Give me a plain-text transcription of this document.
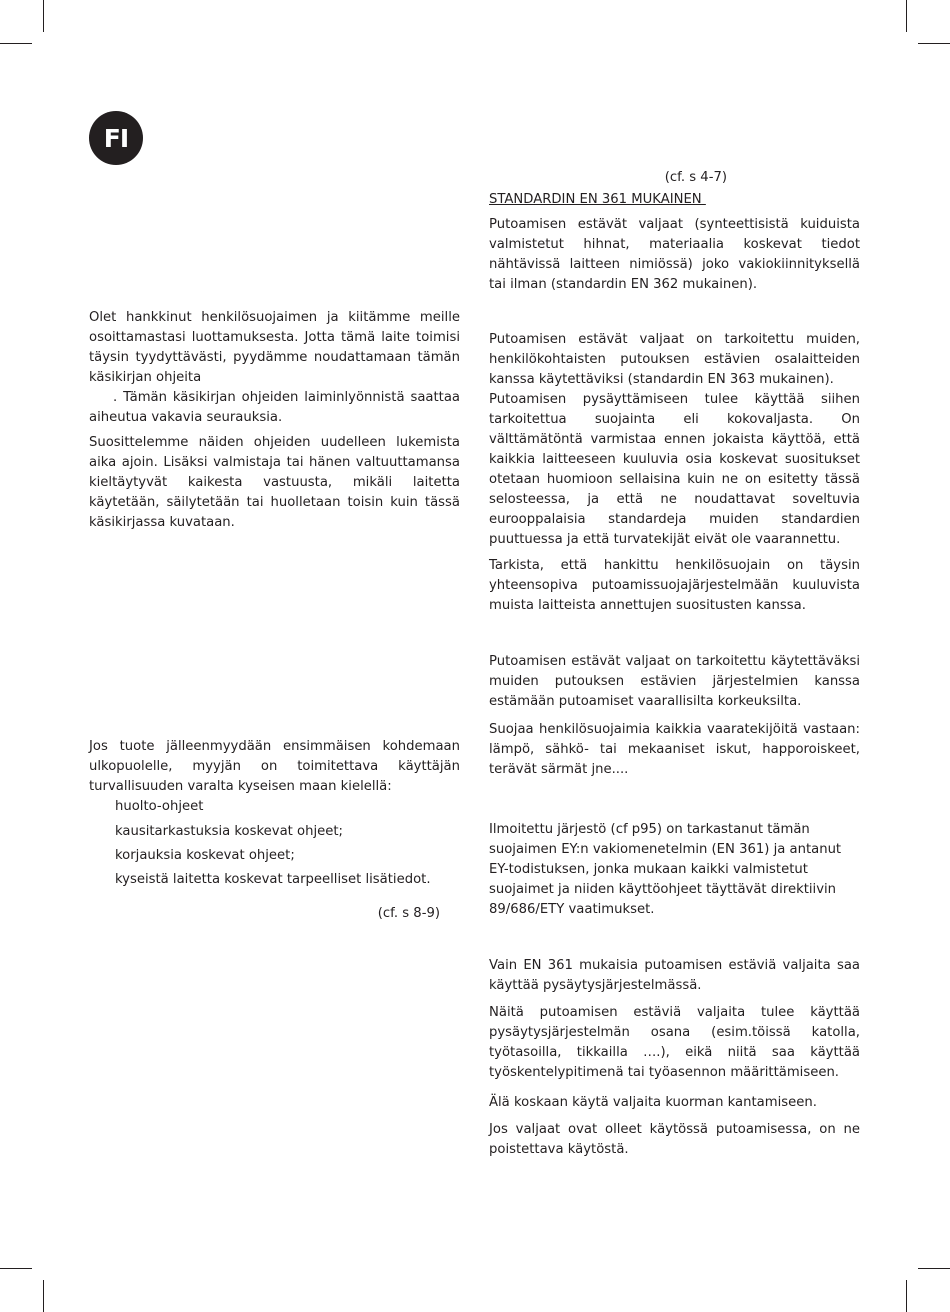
FI

Olet hankkinut henkilösuojaimen ja kiitämme meille osoittamastasi luottamuksesta. Jotta tämä laite toimisi täysin tyydyttävästi, pyydämme noudattamaan tämän käsikirjan ohjeita

. Tämän käsikirjan ohjeiden laiminlyönnistä saattaa aiheutua vakavia seurauksia.

Suosittelemme näiden ohjeiden uudelleen lukemista aika ajoin. Lisäksi valmistaja tai hänen valtuuttamansa kieltäytyvät kaikesta vastuusta, mikäli laitetta käytetään, säilytetään tai huolletaan toisin kuin tässä käsikirjassa kuvataan.

Jos tuote jälleenmyydään ensimmäisen kohdemaan ulkopuolelle, myyjän on toimitettava käyttäjän turvallisuuden varalta kyseisen maan kielellä:

huolto-ohjeet

kausitarkastuksia koskevat ohjeet;

korjauksia koskevat ohjeet;

kyseistä laitetta koskevat tarpeelliset lisätiedot.

(cf. s 8-9)

(cf. s 4-7)

STANDARDIN EN 361 MUKAINEN

Putoamisen estävät valjaat (synteettisistä kuiduista valmistetut hihnat, materiaalia koskevat tiedot nähtävissä laitteen nimiössä) joko vakiokiinnityksellä tai ilman (standardin EN 362 mukainen).

Putoamisen estävät valjaat on tarkoitettu muiden, henkilökohtaisten putouksen estävien osalaitteiden kanssa käytettäviksi (standardin EN 363 mukainen).

Putoamisen pysäyttämiseen tulee käyttää siihen tarkoitettua suojainta eli kokovaljasta. On välttämätöntä varmistaa ennen jokaista käyttöä, että kaikkia laitteeseen kuuluvia osia koskevat suositukset otetaan huomioon sellaisina kuin ne on esitetty tässä selosteessa, ja että ne noudattavat soveltuvia eurooppalaisia standardeja muiden standardien puuttuessa ja että turvatekijät eivät ole vaarannettu.

Tarkista, että hankittu henkilösuojain on täysin yhteensopiva putoamissuojajärjestelmään kuuluvista muista laitteista annettujen suositusten kanssa.

Putoamisen estävät valjaat on tarkoitettu käytettäväksi muiden putouksen estävien järjestelmien kanssa estämään putoamiset vaarallisilta korkeuksilta.

Suojaa henkilösuojaimia kaikkia vaaratekijöitä vastaan: lämpö, sähkö- tai mekaaniset iskut, happoroiskeet, terävät särmät jne....

Ilmoitettu järjestö (cf p95) on tarkastanut tämän suojaimen EY:n vakiomenetelmin (EN 361) ja antanut EY-todistuksen, jonka mukaan kaikki valmistetut suojaimet ja niiden käyttöohjeet täyttävät direktiivin 89/686/ETY vaatimukset.

Vain EN 361 mukaisia putoamisen estäviä valjaita saa käyttää pysäytysjärjestelmässä.

Näitä putoamisen estäviä valjaita tulee käyttää pysäytysjärjestelmän osana (esim.töissä katolla, työtasoilla, tikkailla ….), eikä niitä saa käyttää työskentelypitimenä tai työasennon määrittämiseen.

Älä koskaan käytä valjaita kuorman kantamiseen.

Jos valjaat ovat olleet käytössä putoamisessa, on ne poistettava käytöstä.
